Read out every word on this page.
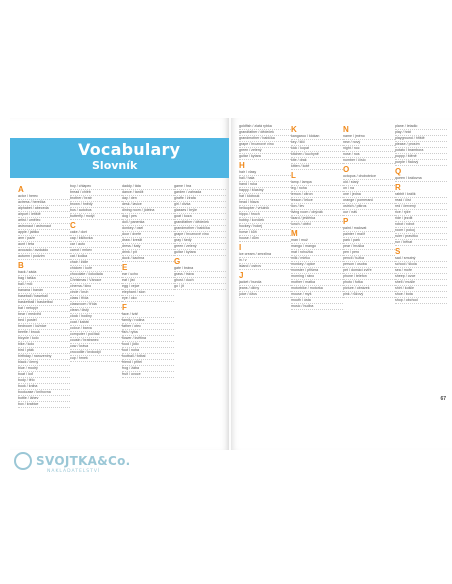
Vocabulary
Slovník
A
actor / herec
actress / herečka
alphabet / abeceda
airport / letiště
artist / umělec
astronaut / astronaut
apple / jablko
arm / paže
aunt / teta
avocado / avokádo
autumn / podzim
B
back / záda
bag / taška
ball / míč
banana / banán
baseball / baseball
basketball / basketbal
bat / netopýr
bear / medvěd
bed / postel
bedroom / ložnice
beetle / brouk
bicycle / kolo
bike / kolo
bird / pták
birthday / narozeniny
black / černý
blue / modrý
boat / loď
body / tělo
book / kniha
bookcase / knihovna
bottle / láhev
box / krabice
boy / chlapec
bread / chléb
brother / bratr
brown / hnědý
bus / autobus
butterfly / motýl
C
cake / dort
cap / kšiltovka
car / auto
carrot / mrkev
cat / kočka
chair / židle
chicken / kuře
chocolate / čokoláda
Christmas / Vánoce
cinema / kino
circle / kruh
class / třída
classroom / třída
clean / čistý
clock / hodiny
coat / kabát
colour / barva
computer / počítač
cousin / bratranec
cow / kráva
crocodile / krokodýl
cup / hrnek
daddy / táta
dance / tančit
day / den
desk / lavice
dining room / jídelna
dog / pes
doll / panenka
donkey / osel
door / dveře
draw / kreslit
dress / šaty
drink / pít
duck / kachna
E
ear / ucho
eat / jíst
egg / vejce
elephant / slon
eye / oko
F
face / tvář
family / rodina
father / otec
fish / ryba
flower / květina
food / jídlo
foot / noha
football / fotbal
friend / přítel
frog / žába
fruit / ovoce
game / hra
garden / zahrada
giraffe / žirafa
girl / dívka
glasses / brýle
goat / koza
grandfather / dědeček
grandmother / babička
grape / hroznové víno
gray / šedý
green / zelený
guitar / kytara
G
gate / brána
grass / tráva
ghost / duch
go / jít
goldfish / zlatá rybka
grandfather / dědeček
grandmother / babička
grape / hroznové víno
green / zelený
guitar / kytara
H
hair / vlasy
hall / hala
hand / ruka
happy / šťastný
hat / klobouk
head / hlava
helicopter / vrtulník
hippo / hroch
hobby / koníček
hockey / hokej
horse / kůň
house / dům
I
ice cream / zmrzlina
in / v
island / ostrov
J
jacket / bunda
jeans / džíny
juice / džus
K
kangaroo / klokan
key / klíč
kick / kopat
kitchen / kuchyně
kite / drak
kitten / kotě
L
lamp / lampa
leg / noha
lemon / citron
lesson / lekce
lion / lev
living room / obývák
lizard / ještěrka
lunch / oběd
M
man / muž
mango / mango
mat / rohožka
milk / mléko
monkey / opice
monster / příšera
morning / ráno
mother / matka
motorbike / motorka
mouse / myš
mouth / ústa
music / hudba
N
name / jméno
new / nový
night / noc
nose / nos
number / číslo
O
octopus / chobotnice
old / starý
on / na
one / jedna
orange / pomeranč
ostrich / pštros
our / náš
P
paint / malovat
painter / malíř
park / park
pear / hruška
pen / pero
pencil / tužka
person / osoba
pet / domácí zvíře
phone / telefon
photo / fotka
picture / obrázek
pink / růžový
plane / letadlo
play / hrát
playground / hřiště
please / prosím
potato / brambora
puppy / štěně
purple / fialový
Q
queen / královna
R
rabbit / králík
read / číst
red / červený
rice / rýže
ride / jezdit
robot / robot
room / pokoj
ruler / pravítko
run / běhat
S
sad / smutný
school / škola
sea / moře
sheep / ovce
shell / mušle
shirt / košile
shoe / bota
shop / obchod
67
SVOJTKA&Co.
NAKLADATELSTVÍ
